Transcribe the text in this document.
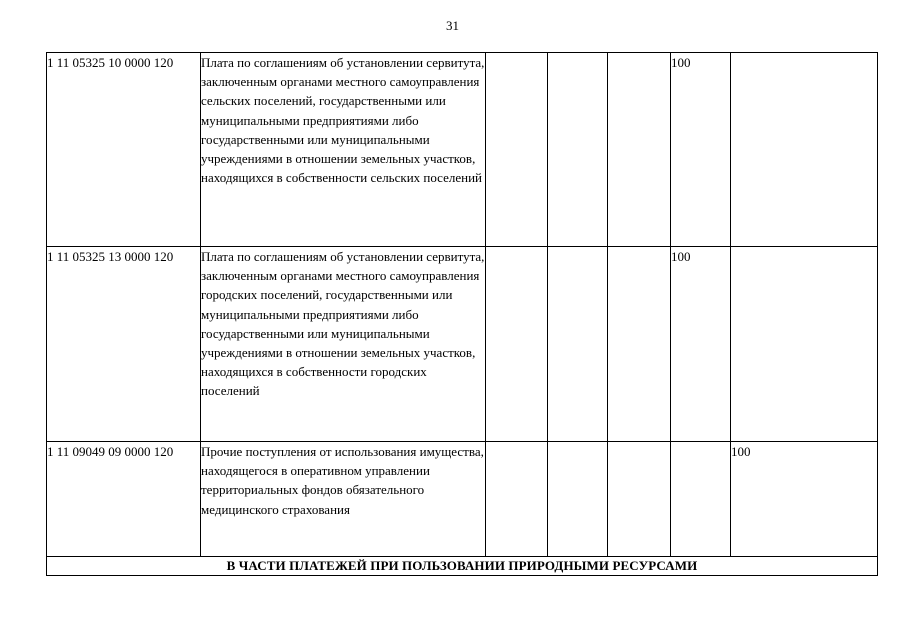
31
1 11 05325 10 0000 120	Плата по соглашениям об установлении сервитута, заключенным органами местного самоуправления сельских поселений, государственными или муниципальными предприятиями либо государственными или муниципальными учреждениями в отношении земельных участков, находящихся в собственности сельских поселений				100	
1 11 05325 13 0000 120	Плата по соглашениям об установлении сервитута, заключенным органами местного самоуправления городских поселений, государственными или муниципальными предприятиями либо государственными или муниципальными учреждениями в отношении земельных участков, находящихся в собственности городских поселений				100	
1 11 09049 09 0000 120	Прочие поступления от использования имущества, находящегося в оперативном управлении территориальных фондов обязательного медицинского страхования					100
В ЧАСТИ ПЛАТЕЖЕЙ ПРИ ПОЛЬЗОВАНИИ ПРИРОДНЫМИ РЕСУРСАМИ						
